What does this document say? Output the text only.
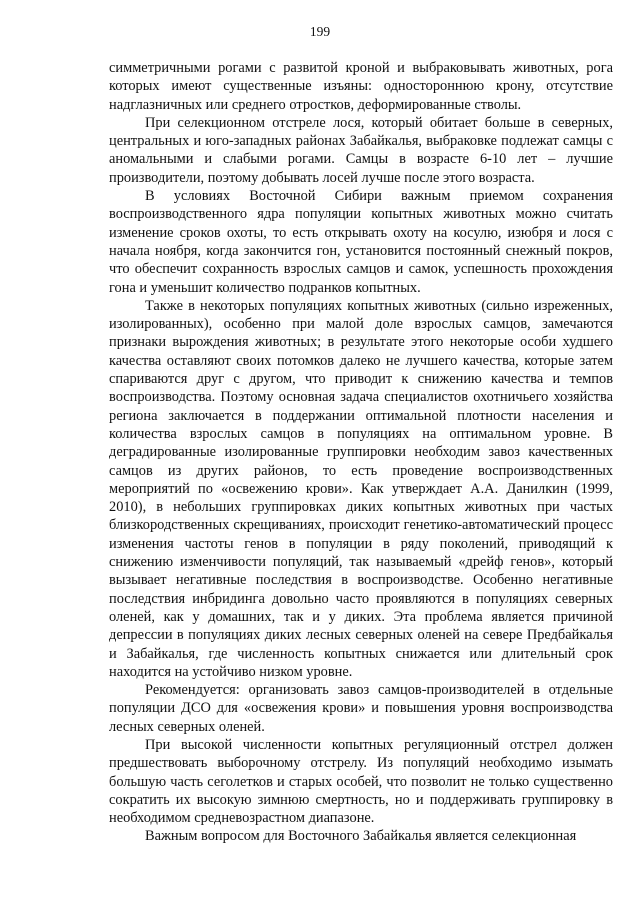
199

симметричными рогами с развитой кроной и выбраковывать животных, рога которых имеют существенные изъяны: одностороннюю крону, отсутствие надглазничных или среднего отростков, деформированные стволы.

При селекционном отстреле лося, который обитает больше в северных, центральных и юго-западных районах Забайкалья, выбраковке подлежат самцы с аномальными и слабыми рогами. Самцы в возрасте 6-10 лет – лучшие производители, поэтому добывать лосей лучше после этого возраста.

В условиях Восточной Сибири важным приемом сохранения воспроизводственного ядра популяции копытных животных можно считать изменение сроков охоты, то есть открывать охоту на косулю, изюбря и лося с начала ноября, когда закончится гон, установится постоянный снежный покров, что обеспечит сохранность взрослых самцов и самок, успешность прохождения гона и уменьшит количество подранков копытных.

Также в некоторых популяциях копытных животных (сильно изреженных, изолированных), особенно при малой доле взрослых самцов, замечаются признаки вырождения животных; в результате этого некоторые особи худшего качества оставляют своих потомков далеко не лучшего качества, которые затем спариваются друг с другом, что приводит к снижению качества и темпов воспроизводства. Поэтому основная задача специалистов охотничьего хозяйства региона заключается в поддержании оптимальной плотности населения и количества взрослых самцов в популяциях на оптимальном уровне. В деградированные изолированные группировки необходим завоз качественных самцов из других районов, то есть проведение воспроизводственных мероприятий по «освежению крови». Как утверждает А.А. Данилкин (1999, 2010), в небольших группировках диких копытных животных при частых близкородственных скрещиваниях, происходит генетико-автоматический процесс изменения частоты генов в популяции в ряду поколений, приводящий к снижению изменчивости популяций, так называемый «дрейф генов», который вызывает негативные последствия в воспроизводстве. Особенно негативные последствия инбридинга довольно часто проявляются в популяциях северных оленей, как у домашних, так и у диких. Эта проблема является причиной депрессии в популяциях диких лесных северных оленей на севере Предбайкалья и Забайкалья, где численность копытных снижается или длительный срок находится на устойчиво низком уровне.

Рекомендуется: организовать завоз самцов-производителей в отдельные популяции ДСО для «освежения крови» и повышения уровня воспроизводства лесных северных оленей.

При высокой численности копытных регуляционный отстрел должен предшествовать выборочному отстрелу. Из популяций необходимо изымать большую часть сеголетков и старых особей, что позволит не только существенно сократить их высокую зимнюю смертность, но и поддерживать группировку в необходимом средневозрастном диапазоне.

Важным вопросом для Восточного Забайкалья является селекционная
